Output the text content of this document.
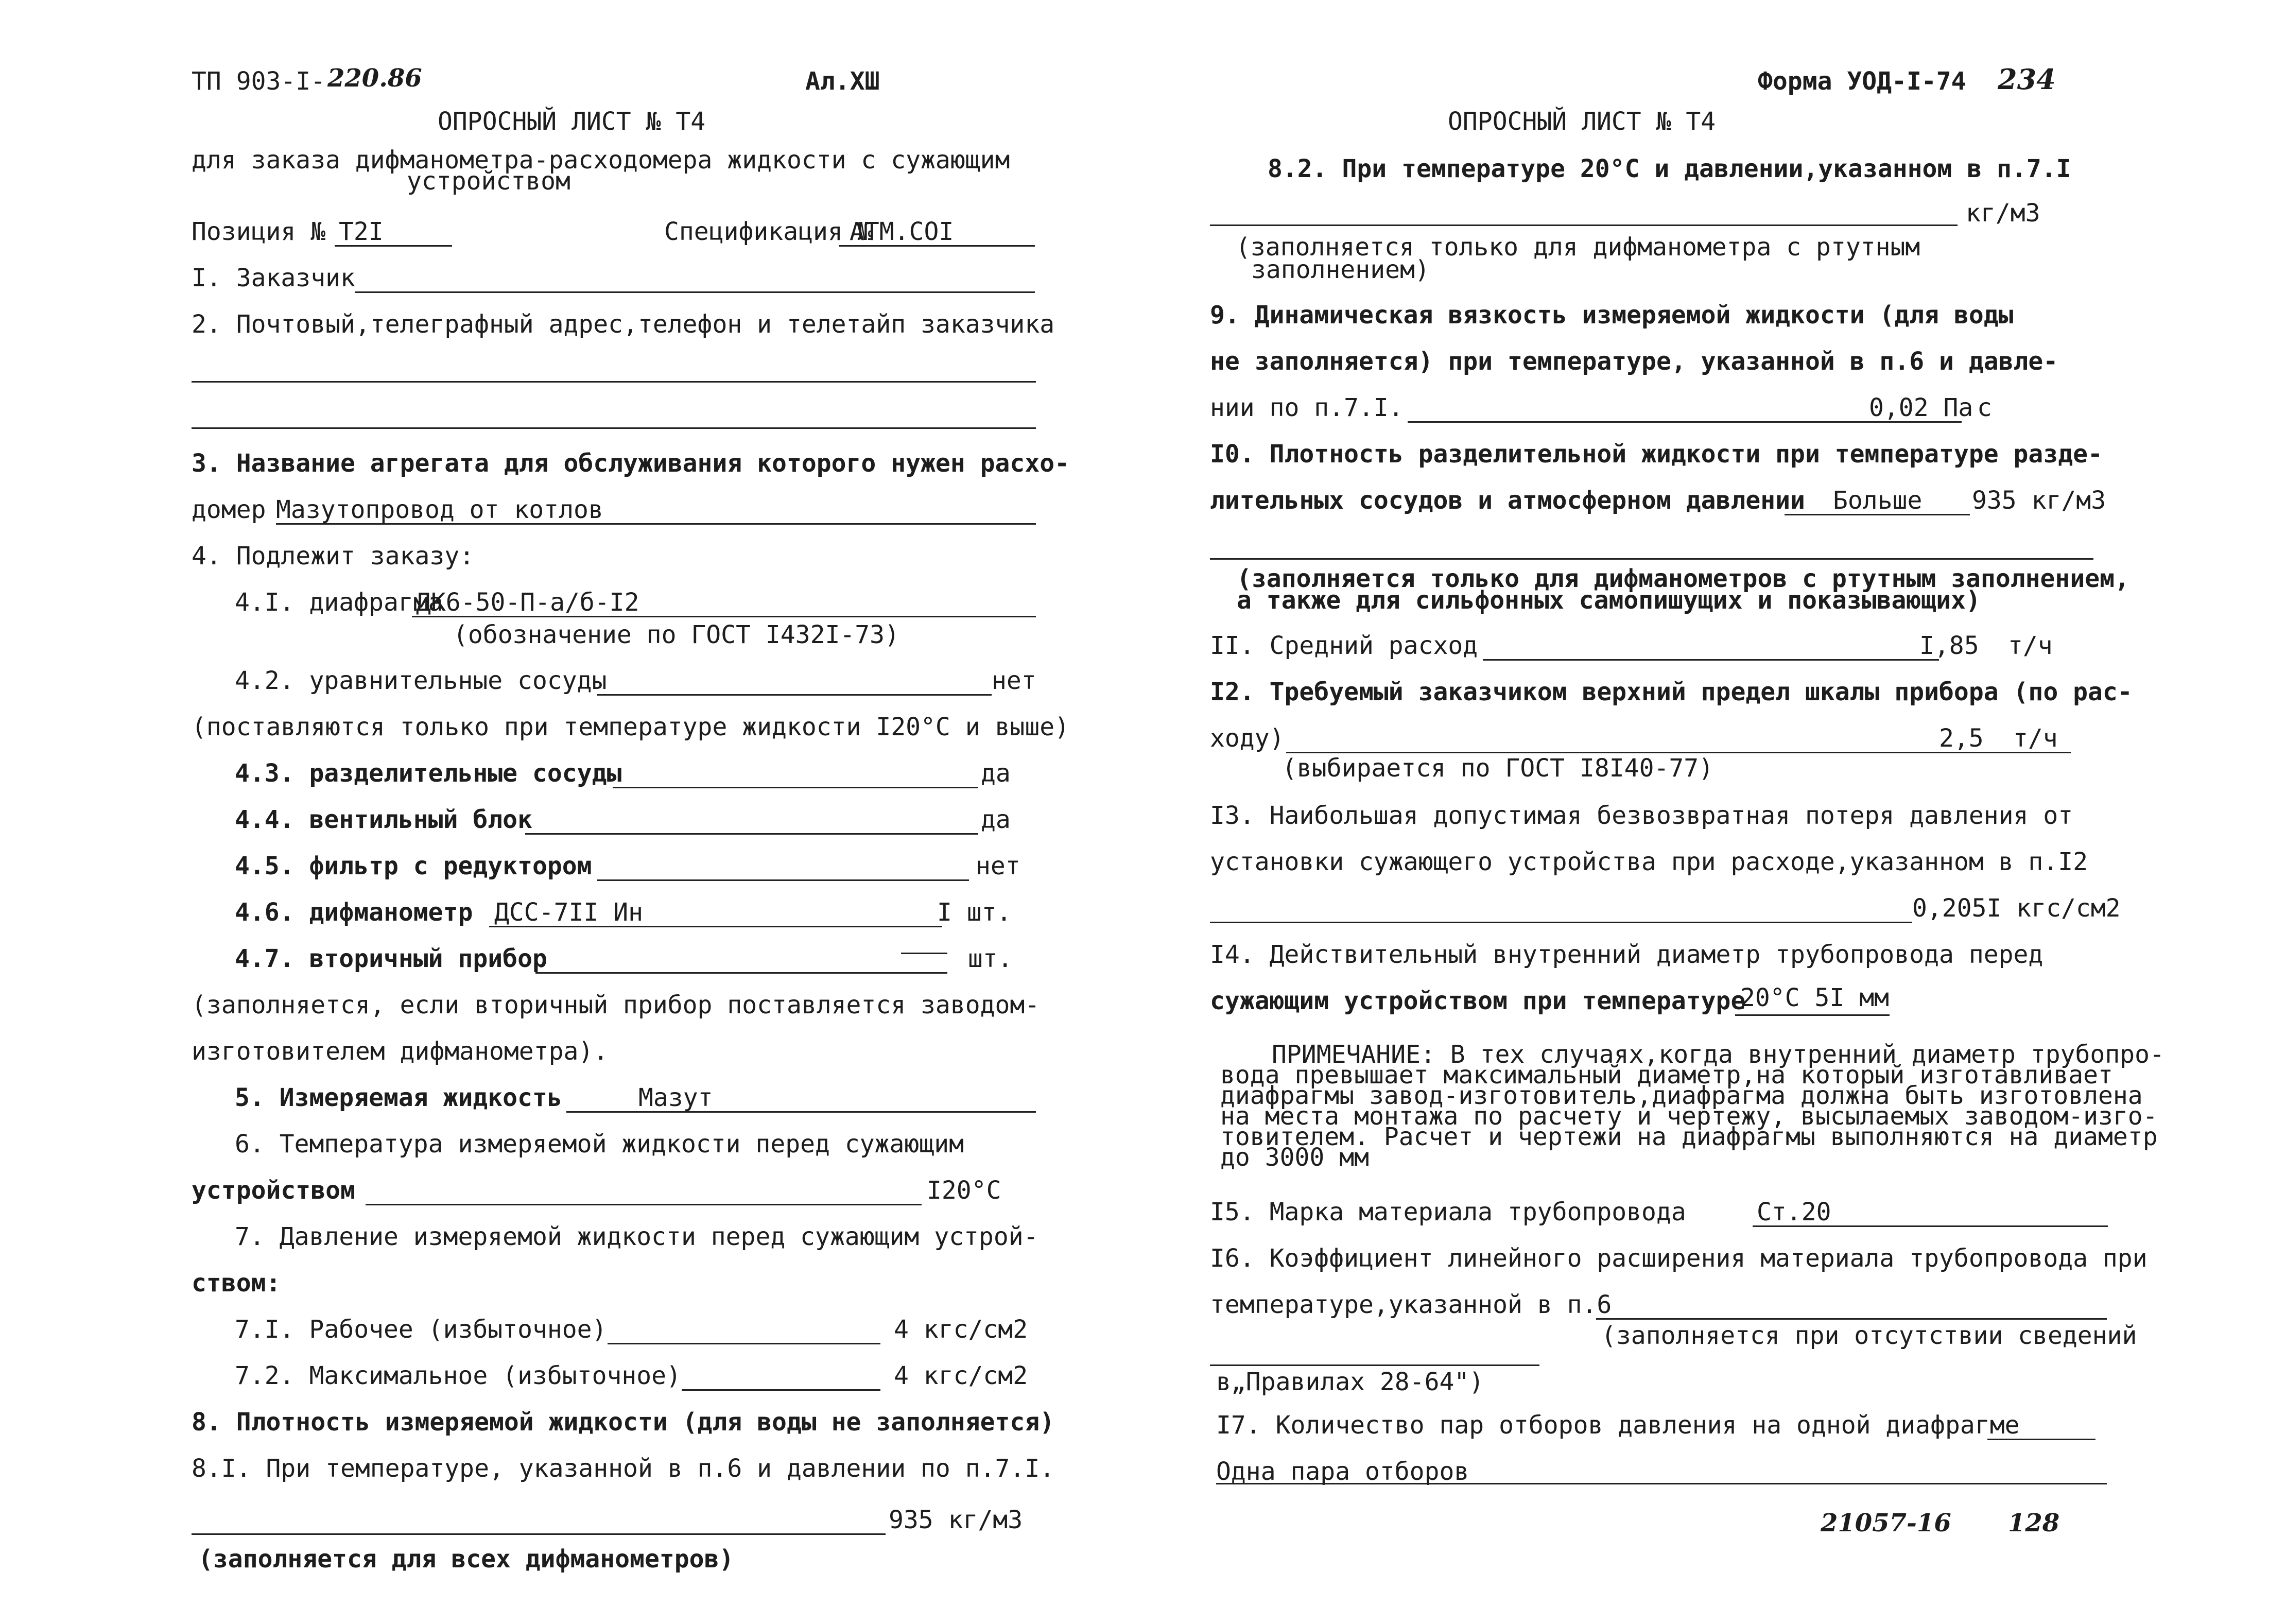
ТП 903-I- 220.86	Ал.XШ
ОПРОСНЫЙ ЛИСТ № Т4
для заказа дифманометра-расходомера жидкости с сужающим
устройством
Позиция № Т2I	Спецификация №
АТМ.СОI
I. Заказчик
2. Почтовый,телеграфный адрес,телефон и телетайп заказчика
3. Название агрегата для обслуживания которого нужен расхо-
домер Мазутопровод от котлов
4. Подлежит заказу:
4.I. диафрагма
ДК6-50-П-а/б-I2
(обозначение по ГОСТ I432I-73)
4.2. уравнительные сосуды	нет
(поставляются только при температуре жидкости I20°С и выше)
4.3. разделительные сосуды	да
4.4. вентильный блок	да
4.5. фильтр с редуктором	нет
4.6. дифманометр ДСС-7II Ин	I шт.
4.7. вторичный прибор	шт.
(заполняется, если вторичный прибор поставляется заводом-
изготовителем дифманометра).
5. Измеряемая жидкость	Мазут
6. Температура измеряемой жидкости перед сужающим
устройством	I20°С
7. Давление измеряемой жидкости перед сужающим устрой-
ством:
7.I. Рабочее (избыточное)	4 кгс/см2
7.2. Максимальное (избыточное)	4 кгс/см2
8. Плотность измеряемой жидкости (для воды не заполняется)
8.I. При температуре, указанной в п.6 и давлении по п.7.I.
935 кг/м3
(заполняется для всех дифманометров)
Форма УОД-I-74 234
ОПРОСНЫЙ ЛИСТ № Т4
8.2. При температуре 20°С и давлении,указанном в п.7.I
кг/м3
(заполняется только для дифманометра с ртутным
заполнением)
9. Динамическая вязкость измеряемой жидкости (для воды
не заполняется) при температуре, указанной в п.6 и давле-
нии по п.7.I.	0,02 Па с
I0. Плотность разделительной жидкости при температуре разде-
лительных сосудов и атмосферном давлении Больше 935 кг/м3
(заполняется только для дифманометров с ртутным заполнением,
а также для сильфонных самопишущих и показывающих)
II. Средний расход	I,85 т/ч
I2. Требуемый заказчиком верхний предел шкалы прибора (по рас-
ходу)	2,5 т/ч
(выбирается по ГОСТ I8I40-77)
I3. Наибольшая допустимая безвозвратная потеря давления от
установки сужающего устройства при расходе,указанном в п.I2
0,205I кгс/см2
I4. Действительный внутренний диаметр трубопровода перед
сужающим устройством при температуре
20°С 5I мм
ПРИМЕЧАНИЕ: В тех случаях,когда внутренний диаметр трубопро-
вода превышает максимальный диаметр,на который изготавливает
диафрагмы завод-изготовитель,диафрагма должна быть изготовлена
на места монтажа по расчету и чертежу, высылаемых заводом-изго-
товителем. Расчет и чертежи на диафрагмы выполняются на диаметр
до 3000 мм
I5. Марка материала трубопровода	Ст.20
I6. Коэффициент линейного расширения материала трубопровода при
температуре,указанной в п.6
(заполняется при отсутствии сведений
в„Правилах 28-64")
I7. Количество пар отборов давления на одной диафрагме
Одна пара отборов
21057-16 128
